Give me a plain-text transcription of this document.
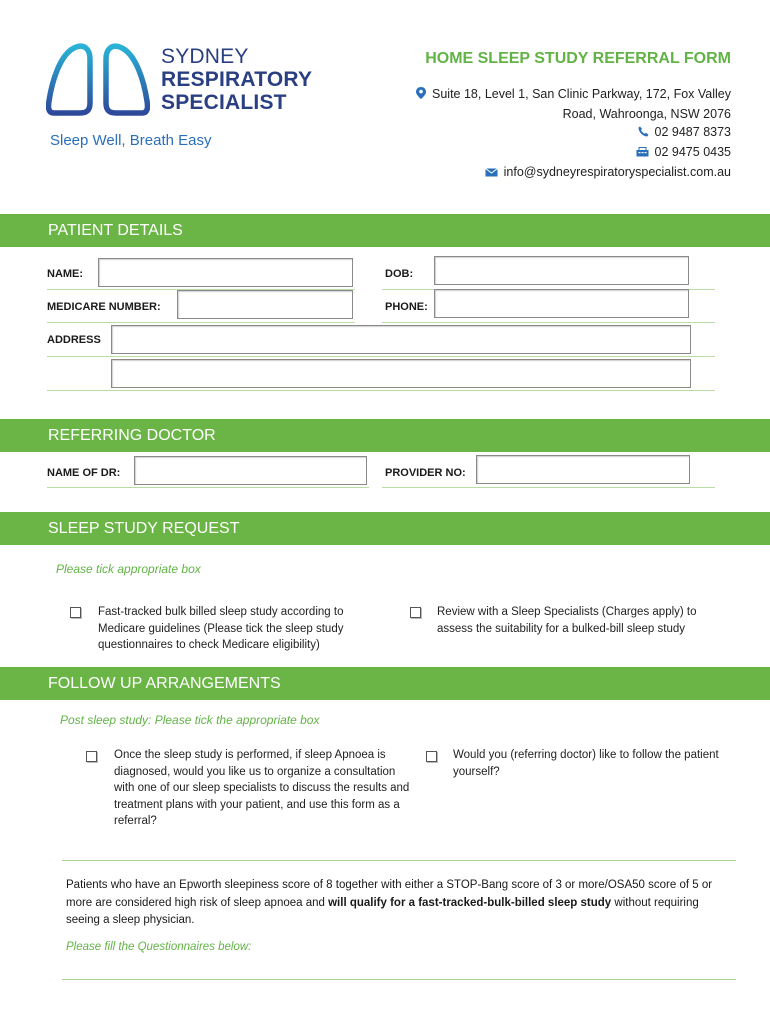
SYDNEY
RESPIRATORY
SPECIALIST
Sleep Well, Breath Easy
HOME SLEEP STUDY REFERRAL FORM
Suite 18, Level 1, San Clinic Parkway, 172, Fox Valley Road, Wahroonga, NSW 2076
02 9487 8373
02 9475 0435
info@sydneyrespiratoryspecialist.com.au
PATIENT DETAILS
NAME:	DOB:
MEDICARE NUMBER:	PHONE:
ADDRESS
REFERRING DOCTOR
NAME OF DR:	PROVIDER NO:
SLEEP STUDY REQUEST
Please tick appropriate box
Fast-tracked bulk billed sleep study according to Medicare guidelines (Please tick the sleep study questionnaires to check Medicare eligibility)
Review with a Sleep Specialists (Charges apply) to assess the suitability for a bulked-bill sleep study
FOLLOW UP ARRANGEMENTS
Post sleep study: Please tick the appropriate box
Once the sleep study is performed, if sleep Apnoea is diagnosed, would you like us to organize a consultation with one of our sleep specialists to discuss the results and treatment plans with your patient, and use this form as a referral?
Would you (referring doctor) like to follow the patient yourself?
Patients who have an Epworth sleepiness score of 8 together with either a STOP-Bang score of 3 or more/OSA50 score of 5 or more are considered high risk of sleep apnoea and will qualify for a fast-tracked-bulk-billed sleep study without requiring seeing a sleep physician.
Please fill the Questionnaires below:
